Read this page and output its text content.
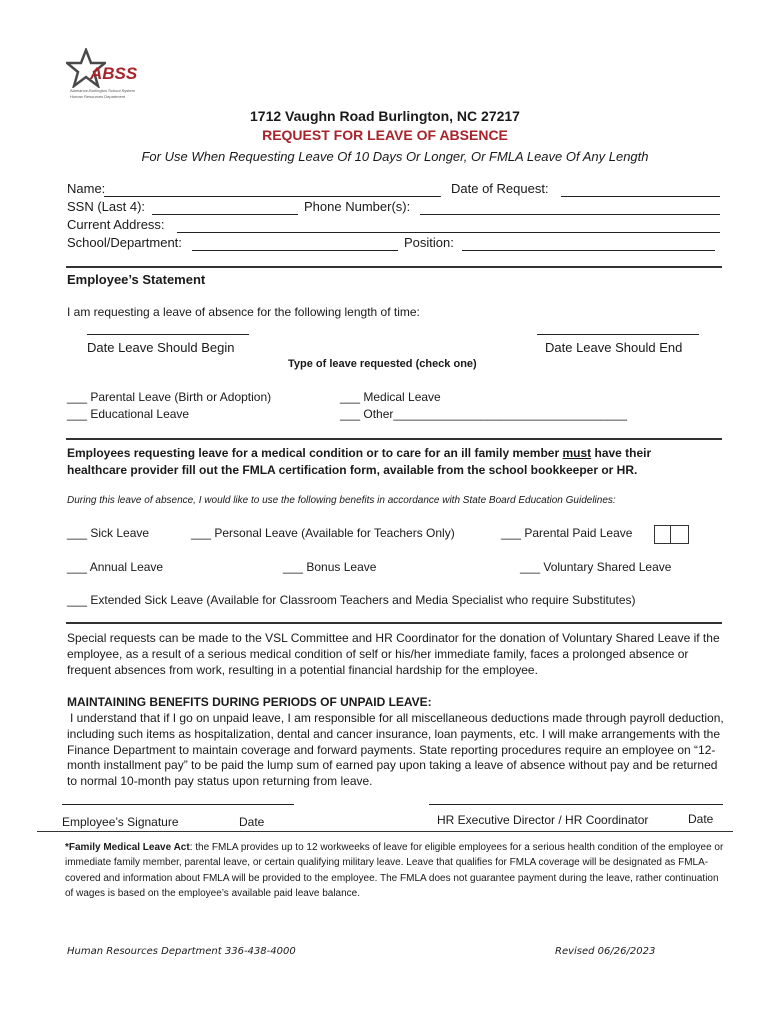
ABSS
Alamance-Burlington School System
Human Resources Department
1712 Vaughn Road Burlington, NC 27217
REQUEST FOR LEAVE OF ABSENCE
For Use When Requesting Leave Of 10 Days Or Longer, Or FMLA Leave Of Any Length
Name:	Date of Request:
SSN (Last 4):	Phone Number(s):
Current Address:
School/Department:	Position:
Employee’s Statement
I am requesting a leave of absence for the following length of time:
Date Leave Should Begin	Date Leave Should End
Type of leave requested (check one)
___ Parental Leave (Birth or Adoption)
___ Educational Leave
___ Medical Leave
___ Other___________________________________
Employees requesting leave for a medical condition or to care for an ill family member must have their healthcare provider fill out the FMLA certification form, available from the school bookkeeper or HR.
During this leave of absence, I would like to use the following benefits in accordance with State Board Education Guidelines:
___ Sick Leave	___ Personal Leave (Available for Teachers Only)	___ Parental Paid Leave
___ Annual Leave	___ Bonus Leave	___ Voluntary Shared Leave
___ Extended Sick Leave (Available for Classroom Teachers and Media Specialist who require Substitutes)
Special requests can be made to the VSL Committee and HR Coordinator for the donation of Voluntary Shared Leave if the employee, as a result of a serious medical condition of self or his/her immediate family, faces a prolonged absence or frequent absences from work, resulting in a potential financial hardship for the employee.
MAINTAINING BENEFITS DURING PERIODS OF UNPAID LEAVE:
I understand that if I go on unpaid leave, I am responsible for all miscellaneous deductions made through payroll deduction, including such items as hospitalization, dental and cancer insurance, loan payments, etc. I will make arrangements with the Finance Department to maintain coverage and forward payments. State reporting procedures require an employee on “12-month installment pay” to be paid the lump sum of earned pay upon taking a leave of absence without pay and be returned to normal 10-month pay status upon returning from leave.
Employee’s Signature	Date	HR Executive Director / HR Coordinator	Date
*Family Medical Leave Act: the FMLA provides up to 12 workweeks of leave for eligible employees for a serious health condition of the employee or immediate family member, parental leave, or certain qualifying military leave. Leave that qualifies for FMLA coverage will be designated as FMLA-covered and information about FMLA will be provided to the employee. The FMLA does not guarantee payment during the leave, rather continuation of wages is based on the employee’s available paid leave balance.
Human Resources Department 336-438-4000	Revised 06/26/2023
